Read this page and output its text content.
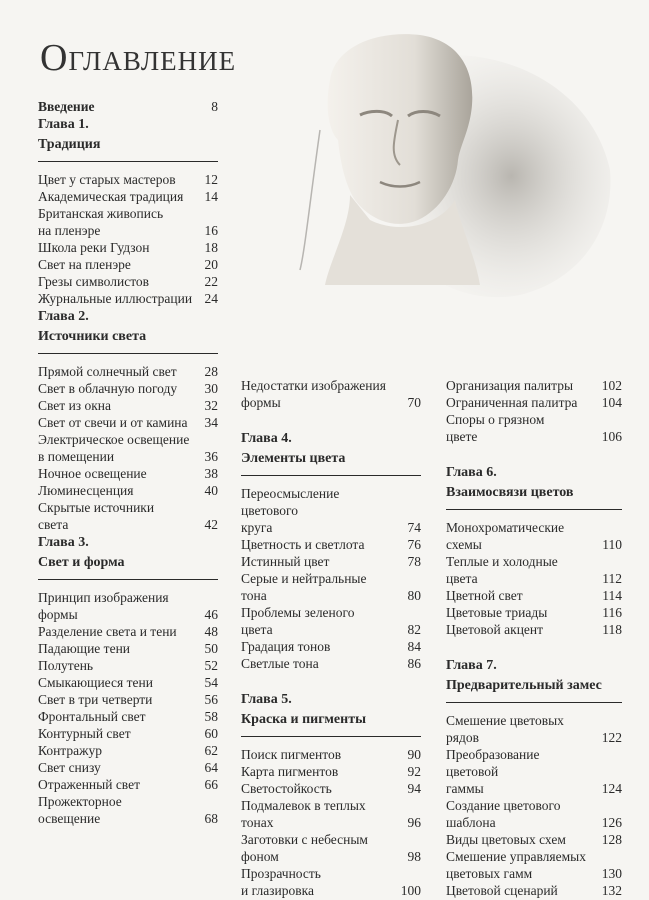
Оглавление
Введение	8
Глава 1.

Традиция
Цвет у старых мастеров 12
Академическая традиция 14
Британская живопись
на пленэре	16
Школа реки Гудзон	18
Свет на пленэре	20
Грезы символистов	22
Журнальные иллюстрации 24
Глава 2.

Источники света
Прямой солнечный свет 28
Свет в облачную погоду 30
Свет из окна	32
Свет от свечи и от камина 34
Электрическое освещение
в помещении	36
Ночное освещение	38
Люминесценция	40
Скрытые источники
света	42
Глава 3.

Свет и форма
Принцип изображения
формы	46
Разделение света и тени 48
Падающие тени	50
Полутень	52
Смыкающиеся тени	54
Свет в три четверти	56
Фронтальный свет	58
Контурный свет	60
Контражур	62
Свет снизу	64
Отраженный свет	66
Прожекторное
освещение	68
Недостатки изображения
формы	70
Глава 4.

Элементы цвета
Переосмысление цветового
круга	74
Цветность и светлота	76
Истинный цвет	78
Серые и нейтральные
тона	80
Проблемы зеленого
цвета	82
Градация тонов	84
Светлые тона	86
Глава 5.

Краска и пигменты
Поиск пигментов	90
Карта пигментов	92
Светостойкость	94
Подмалевок в теплых
тонах	96
Заготовки с небесным
фоном	98
Прозрачность
и глазировка	100
Организация палитры 102
Ограниченная палитра 104
Споры о грязном
цвете	106
Глава 6.

Взаимосвязи цветов
Монохроматические
схемы	110
Теплые и холодные
цвета	112
Цветной свет	114
Цветовые триады	116
Цветовой акцент	118
Глава 7.

Предварительный замес
Смешение цветовых
рядов	122
Преобразование цветовой
гаммы	124
Создание цветового
шаблона	126
Виды цветовых схем	128
Смешение управляемых
цветовых гамм	130
Цветовой сценарий	132
